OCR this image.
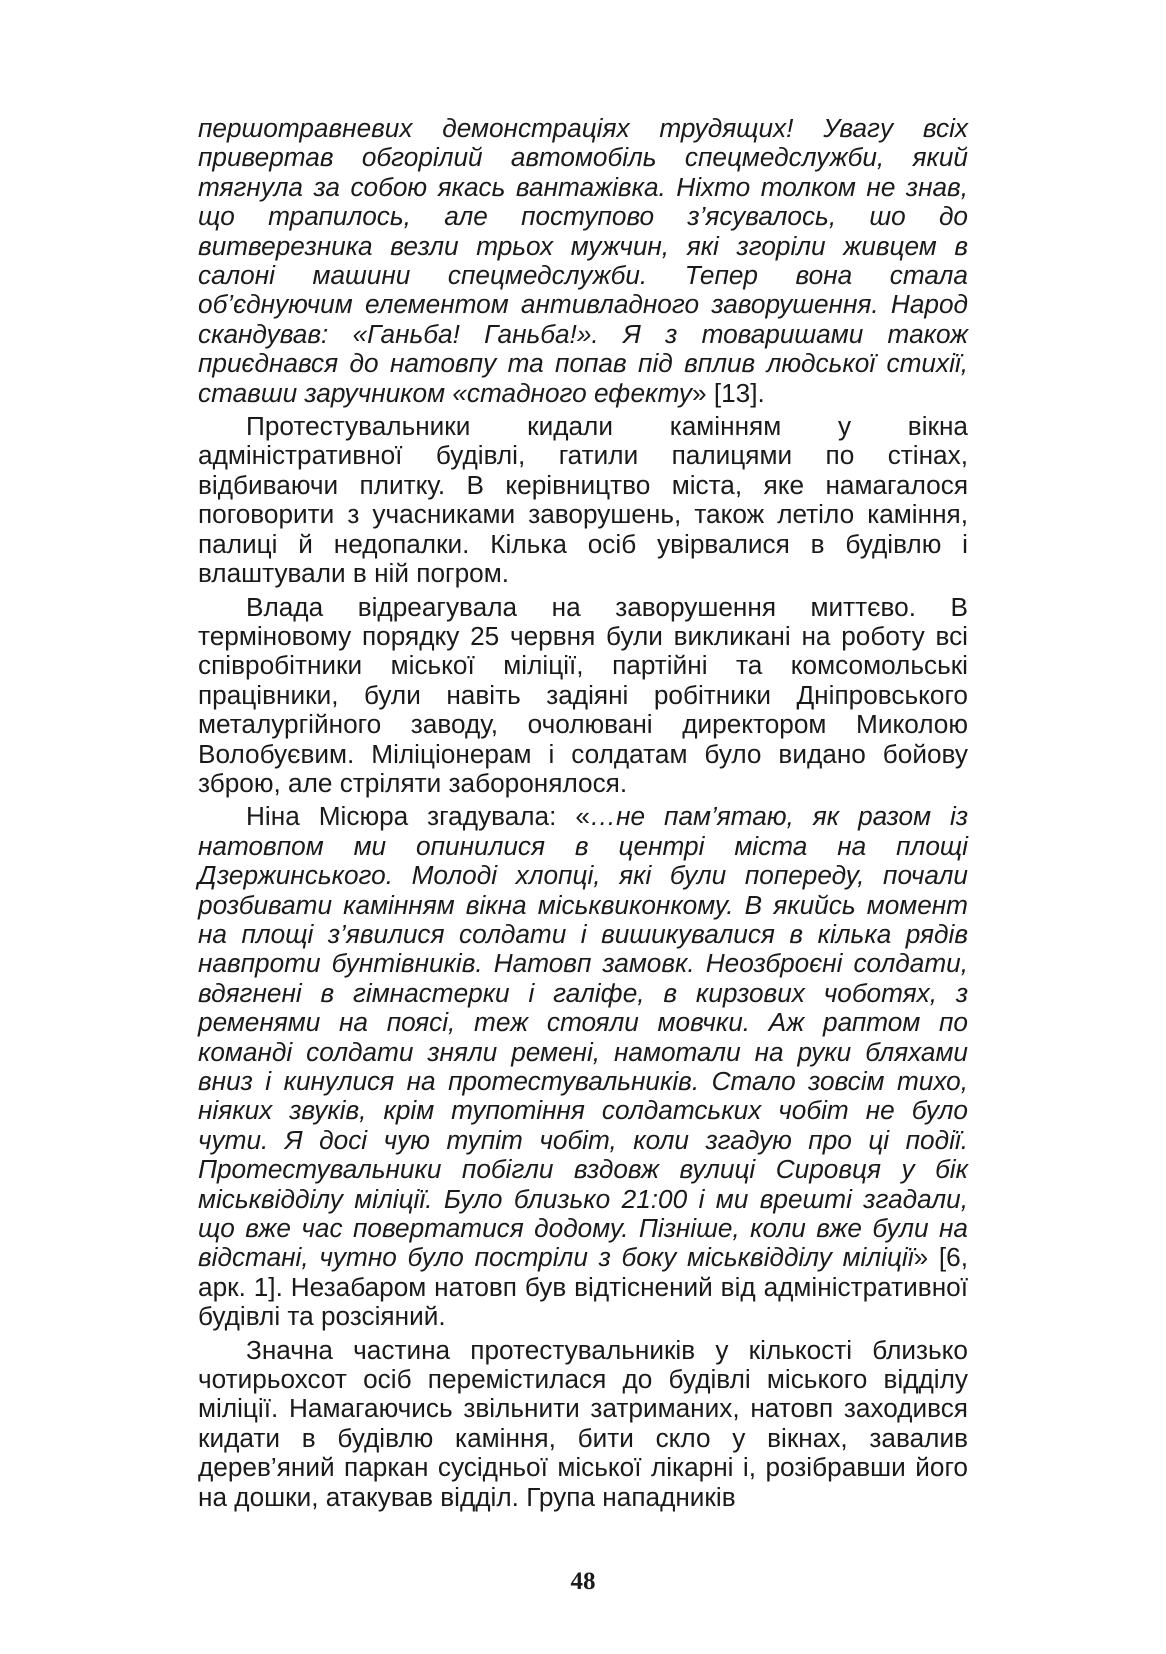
першотравневих демонстраціях трудящих! Увагу всіх привертав обгорілий автомобіль спецмедслужби, який тягнула за собою якась вантажівка. Ніхто толком не знав, що трапилось, але поступово з’ясувалось, шо до витверезника везли трьох мужчин, які згоріли живцем в салоні машини спецмедслужби. Тепер вона стала об’єднуючим елементом антивладного заворушення. Народ скандував: «Ганьба! Ганьба!». Я з товаришами також приєднався до натовпу та попав під вплив людської стихії, ставши заручником «стадного ефекту» [13].

Протестувальники кидали камінням у вікна адміністративної будівлі, гатили палицями по стінах, відбиваючи плитку. В керівництво міста, яке намагалося поговорити з учасниками заворушень, також летіло каміння, палиці й недопалки. Кілька осіб увірвалися в будівлю і влаштували в ній погром.

Влада відреагувала на заворушення миттєво. В терміновому порядку 25 червня були викликані на роботу всі співробітники міської міліції, партійні та комсомольські працівники, були навіть задіяні робітники Дніпровського металургійного заводу, очолювані директором Миколою Волобуєвим. Міліціонерам і солдатам було видано бойову зброю, але стріляти заборонялося.

Ніна Місюра згадувала: «…не пам’ятаю, як разом із натовпом ми опинилися в центрі міста на площі Дзержинського. Молоді хлопці, які були попереду, почали розбивати камінням вікна міськвиконкому. В якийсь момент на площі з’явилися солдати і вишикувалися в кілька рядів навпроти бунтівників. Натовп замовк. Неозброєні солдати, вдягнені в гімнастерки і галіфе, в кирзових чоботях, з ременями на поясі, теж стояли мовчки. Аж раптом по команді солдати зняли ремені, намотали на руки бляхами вниз і кинулися на протестувальників. Стало зовсім тихо, ніяких звуків, крім тупотіння солдатських чобіт не було чути. Я досі чую тупіт чобіт, коли згадую про ці події. Протестувальники побігли вздовж вулиці Сировця у бік міськвідділу міліції. Було близько 21:00 і ми врешті згадали, що вже час повертатися додому. Пізніше, коли вже були на відстані, чутно було постріли з боку міськвідділу міліції» [6, арк. 1]. Незабаром натовп був відтіснений від адміністративної будівлі та розсіяний.

Значна частина протестувальників у кількості близько чотирьохсот осіб перемістилася до будівлі міського відділу міліції. Намагаючись звільнити затриманих, натовп заходився кидати в будівлю каміння, бити скло у вікнах, завалив дерев’яний паркан сусідньої міської лікарні і, розібравши його на дошки, атакував відділ. Група нападників

48
